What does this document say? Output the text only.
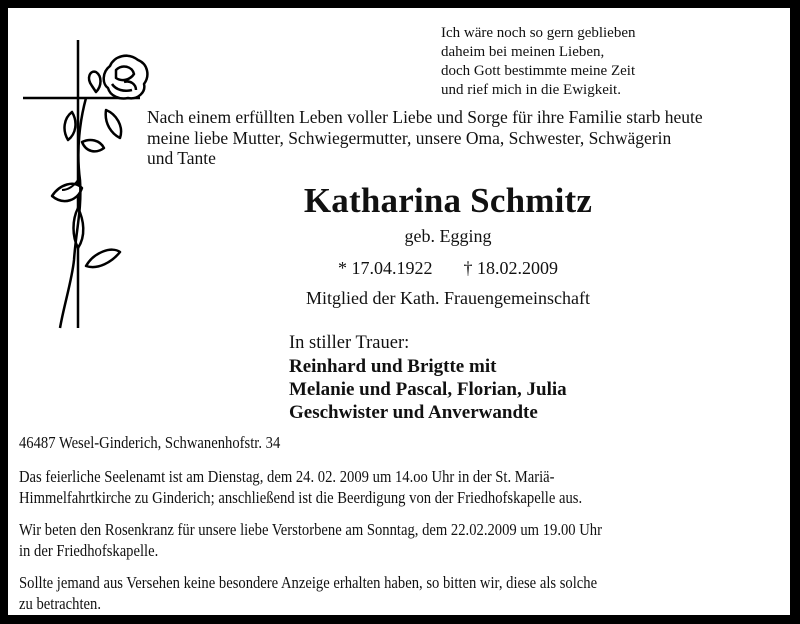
Ich wäre noch so gern geblieben
daheim bei meinen Lieben,
doch Gott bestimmte meine Zeit
und rief mich in die Ewigkeit.
Nach einem erfüllten Leben voller Liebe und Sorge für ihre Familie starb heute
meine liebe Mutter, Schwiegermutter, unsere Oma, Schwester, Schwägerin
und Tante
Katharina Schmitz
geb. Egging
* 17.04.1922 † 18.02.2009
Mitglied der Kath. Frauengemeinschaft
In stiller Trauer:
Reinhard und Brigtte mit
Melanie und Pascal, Florian, Julia
Geschwister und Anverwandte
46487 Wesel-Ginderich, Schwanenhofstr. 34
Das feierliche Seelenamt ist am Dienstag, dem 24. 02. 2009 um 14.oo Uhr in der St. Mariä-
Himmelfahrtkirche zu Ginderich; anschließend ist die Beerdigung von der Friedhofskapelle aus.
Wir beten den Rosenkranz für unsere liebe Verstorbene am Sonntag, dem 22.02.2009 um 19.00 Uhr
in der Friedhofskapelle.
Sollte jemand aus Versehen keine besondere Anzeige erhalten haben, so bitten wir, diese als solche
zu betrachten.
